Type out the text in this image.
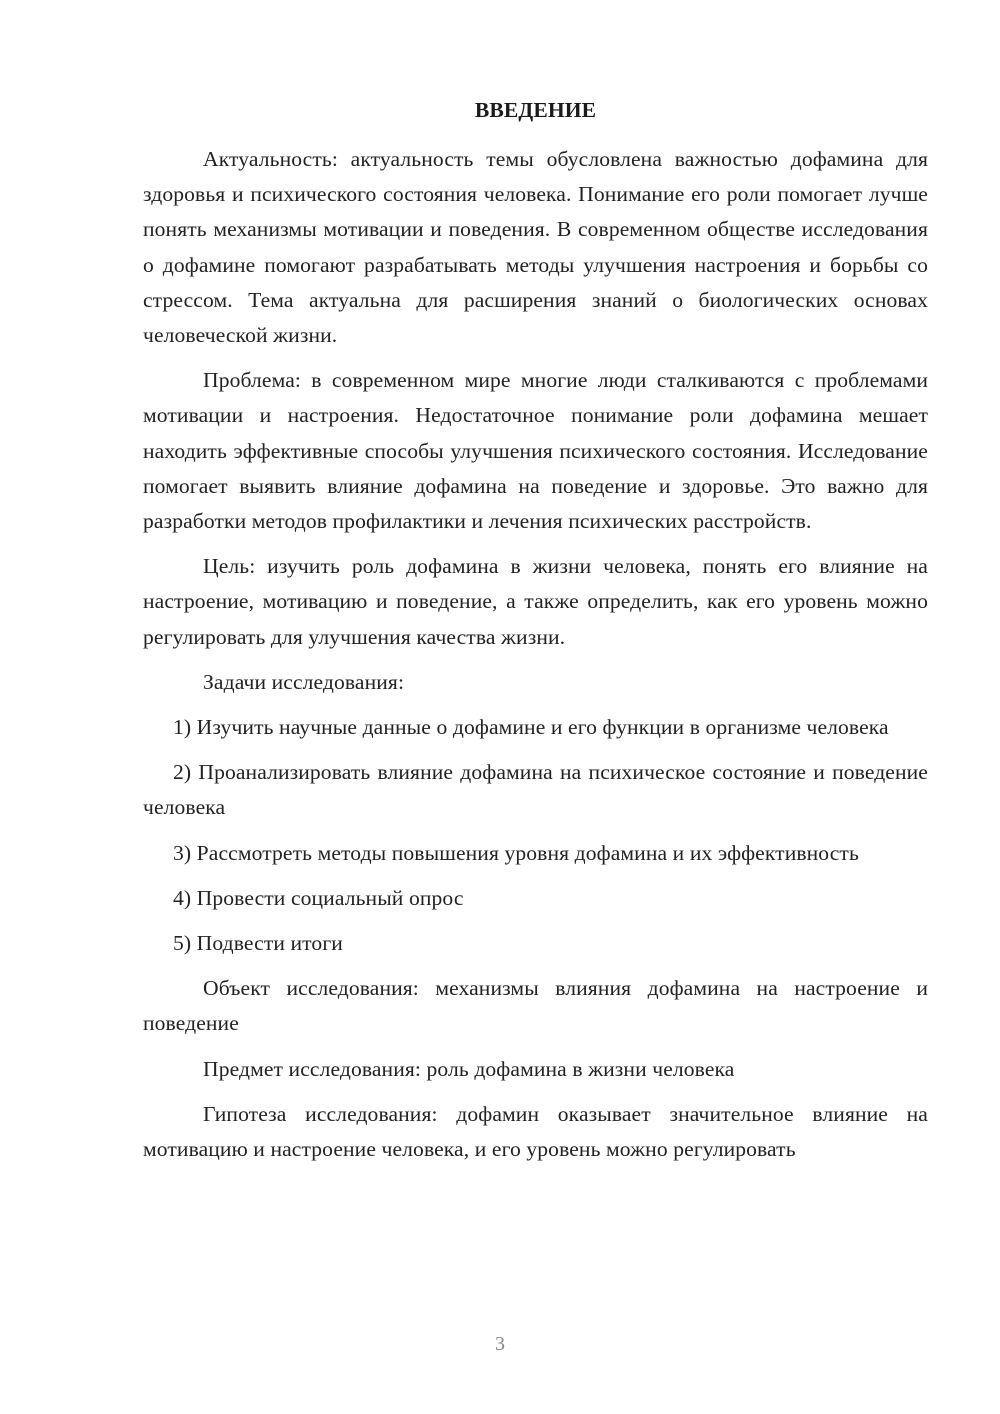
ВВЕДЕНИЕ

Актуальность: актуальность темы обусловлена важностью дофамина для здоровья и психического состояния человека. Понимание его роли помогает лучше понять механизмы мотивации и поведения. В современном обществе исследования о дофамине помогают разрабатывать методы улучшения настроения и борьбы со стрессом. Тема актуальна для расширения знаний о биологических основах человеческой жизни.

Проблема: в современном мире многие люди сталкиваются с проблемами мотивации и настроения. Недостаточное понимание роли дофамина мешает находить эффективные способы улучшения психического состояния. Исследование помогает выявить влияние дофамина на поведение и здоровье. Это важно для разработки методов профилактики и лечения психических расстройств.

Цель: изучить роль дофамина в жизни человека, понять его влияние на настроение, мотивацию и поведение, а также определить, как его уровень можно регулировать для улучшения качества жизни.

Задачи исследования:

1) Изучить научные данные о дофамине и его функции в организме человека

2) Проанализировать влияние дофамина на психическое состояние и поведение человека

3) Рассмотреть методы повышения уровня дофамина и их эффективность

4) Провести социальный опрос

5) Подвести итоги

Объект исследования: механизмы влияния дофамина на настроение и поведение

Предмет исследования: роль дофамина в жизни человека

Гипотеза исследования: дофамин оказывает значительное влияние на мотивацию и настроение человека, и его уровень можно регулировать

3
